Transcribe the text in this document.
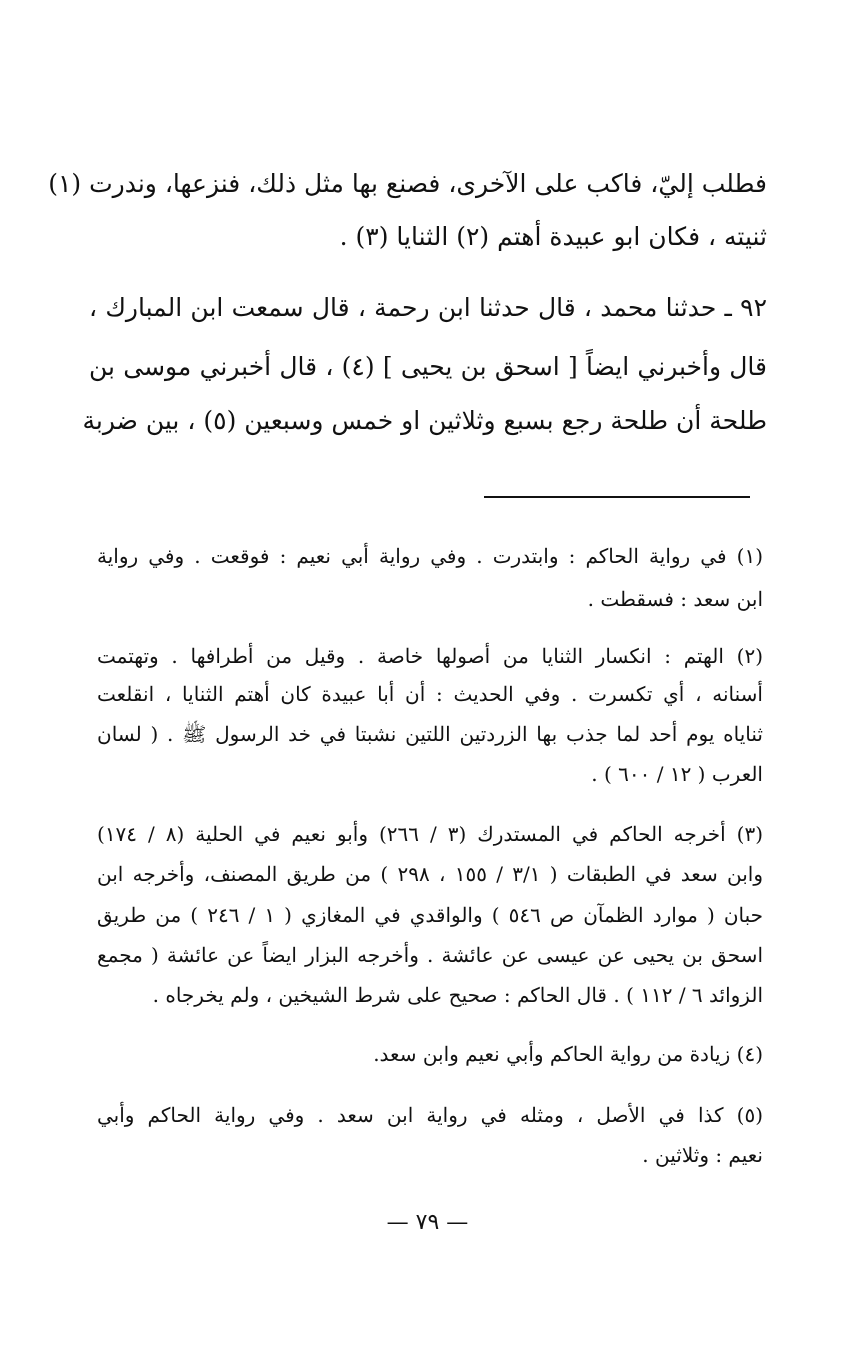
فطلب إليّ، فاكب على الآخرى، فصنع بها مثل ذلك، فنزعها، وندرت (١)
ثنيته ، فكان ابو عبيدة أهتم (٢) الثنايا (٣) .
٩٢ ـ حدثنا محمد ، قال حدثنا ابن رحمة ، قال سمعت ابن المبارك ،
قال وأخبرني ايضاً [ اسحق بن يحيى ] (٤) ، قال أخبرني موسى بن
طلحة أن طلحة رجع بسبع وثلاثين او خمس وسبعين (٥) ، بين ضربة
(١) في رواية الحاكم : وابتدرت . وفي رواية أبي نعيم : فوقعت . وفي رواية
ابن سعد : فسقطت .
(٢) الهتم : انكسار الثنايا من أصولها خاصة . وقيل من أطرافها . وتهتمت
أسنانه ، أي تكسرت . وفي الحديث : أن أبا عبيدة كان أهتم الثنايا ، انقلعت
ثناياه يوم أحد لما جذب بها الزردتين اللتين نشبتا في خد الرسول ﷺ . ( لسان
العرب ( ١٢ / ٦٠٠ ) .
(٣) أخرجه الحاكم في المستدرك (٣ / ٢٦٦) وأبو نعيم في الحلية (٨ / ١٧٤)
وابن سعد في الطبقات ( ٣/١ / ١٥٥ ، ٢٩٨ ) من طريق المصنف، وأخرجه ابن
حبان ( موارد الظمآن ص ٥٤٦ ) والواقدي في المغازي ( ١ / ٢٤٦ ) من طريق
اسحق بن يحيى عن عيسى عن عائشة . وأخرجه البزار ايضاً عن عائشة ( مجمع
الزوائد ٦ / ١١٢ ) . قال الحاكم : صحيح على شرط الشيخين ، ولم يخرجاه .
(٤) زيادة من رواية الحاكم وأبي نعيم وابن سعد.
(٥) كذا في الأصل ، ومثله في رواية ابن سعد . وفي رواية الحاكم وأبي
نعيم : وثلاثين .
— ٧٩ —
